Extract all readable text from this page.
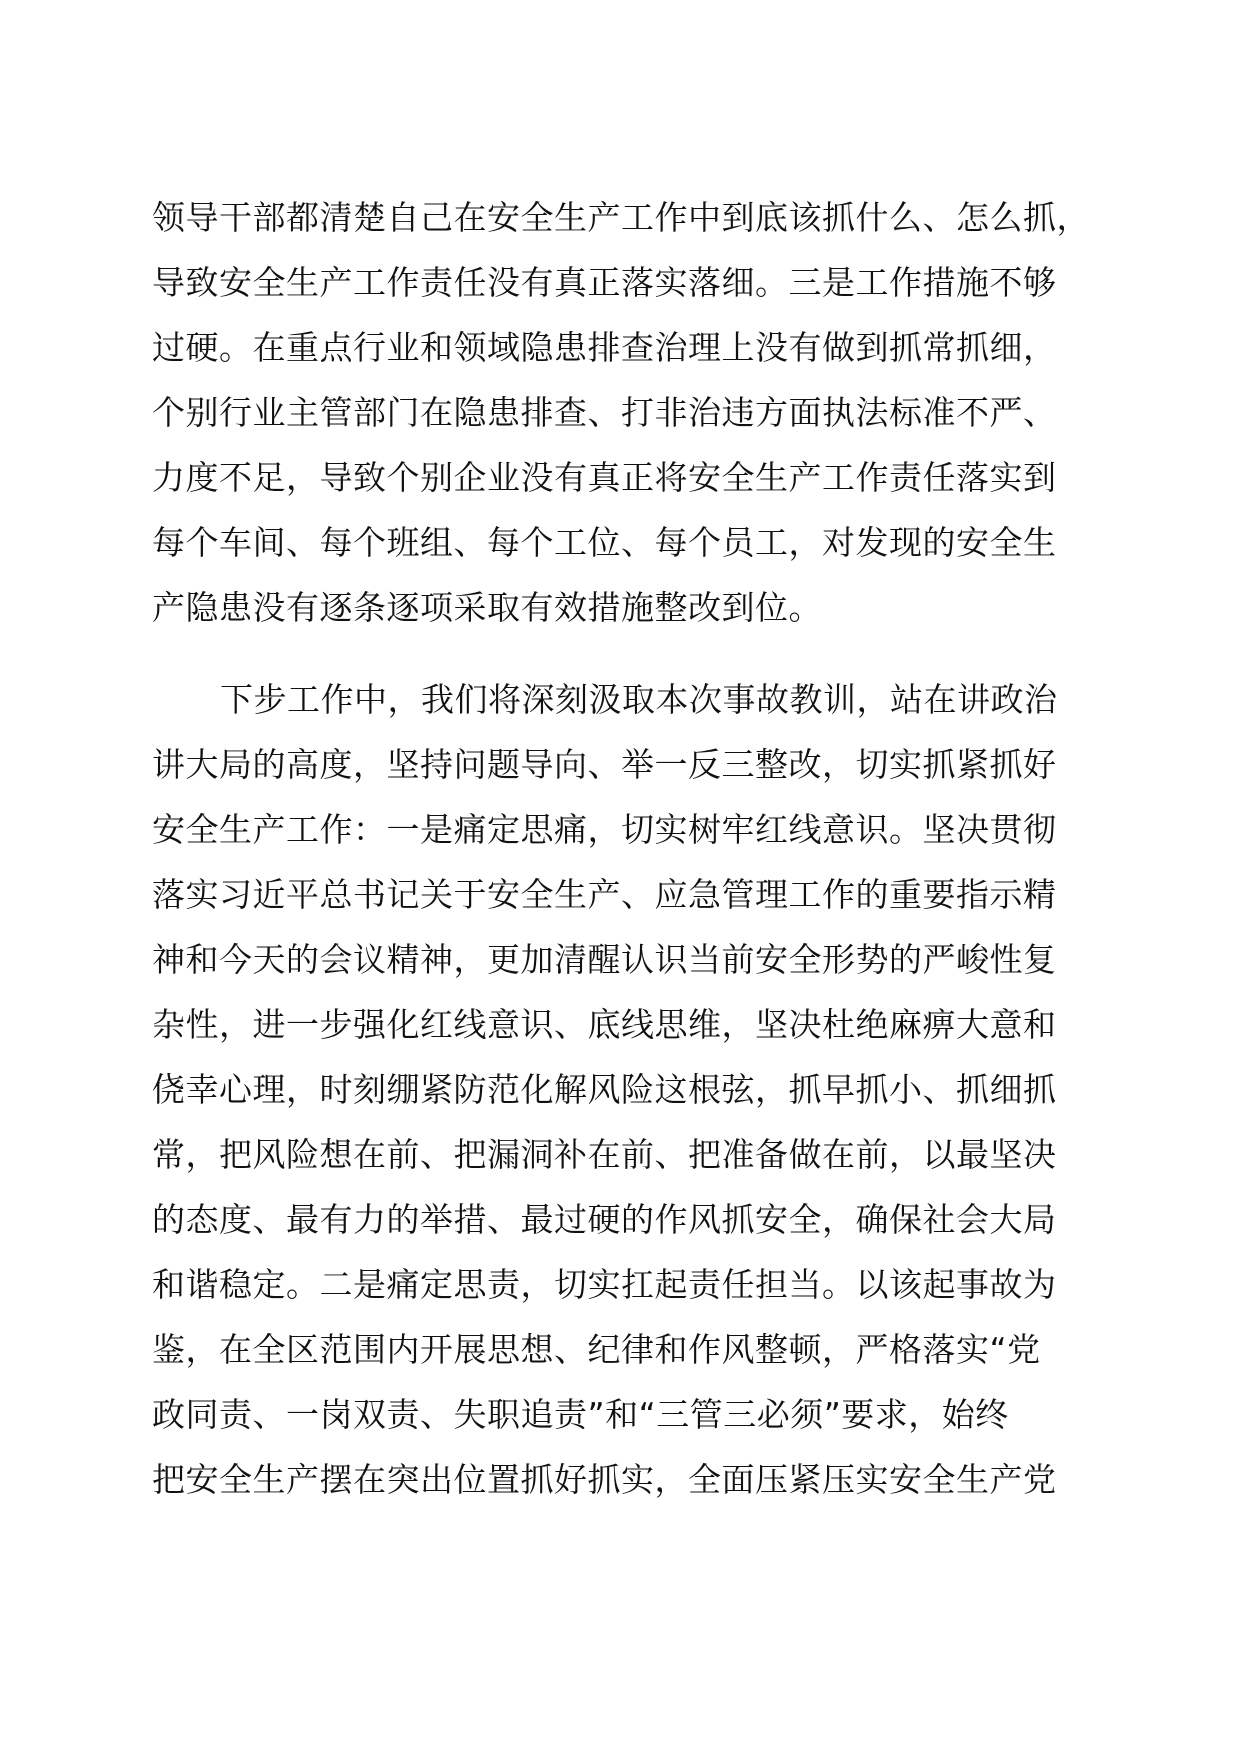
领导干部都清楚自己在安全生产工作中到底该抓什么、怎么抓，
导致安全生产工作责任没有真正落实落细。三是工作措施不够
过硬。在重点行业和领域隐患排查治理上没有做到抓常抓细，
个别行业主管部门在隐患排查、打非治违方面执法标准不严、
力度不足，导致个别企业没有真正将安全生产工作责任落实到
每个车间、每个班组、每个工位、每个员工，对发现的安全生
产隐患没有逐条逐项采取有效措施整改到位。
下步工作中，我们将深刻汲取本次事故教训，站在讲政治
讲大局的高度，坚持问题导向、举一反三整改，切实抓紧抓好
安全生产工作：一是痛定思痛，切实树牢红线意识。坚决贯彻
落实习近平总书记关于安全生产、应急管理工作的重要指示精
神和今天的会议精神，更加清醒认识当前安全形势的严峻性复
杂性，进一步强化红线意识、底线思维，坚决杜绝麻痹大意和
侥幸心理，时刻绷紧防范化解风险这根弦，抓早抓小、抓细抓
常，把风险想在前、把漏洞补在前、把准备做在前，以最坚决
的态度、最有力的举措、最过硬的作风抓安全，确保社会大局
和谐稳定。二是痛定思责，切实扛起责任担当。以该起事故为
鉴，在全区范围内开展思想、纪律和作风整顿，严格落实“党
政同责、一岗双责、失职追责”和“三管三必须”要求，始终
把安全生产摆在突出位置抓好抓实，全面压紧压实安全生产党
